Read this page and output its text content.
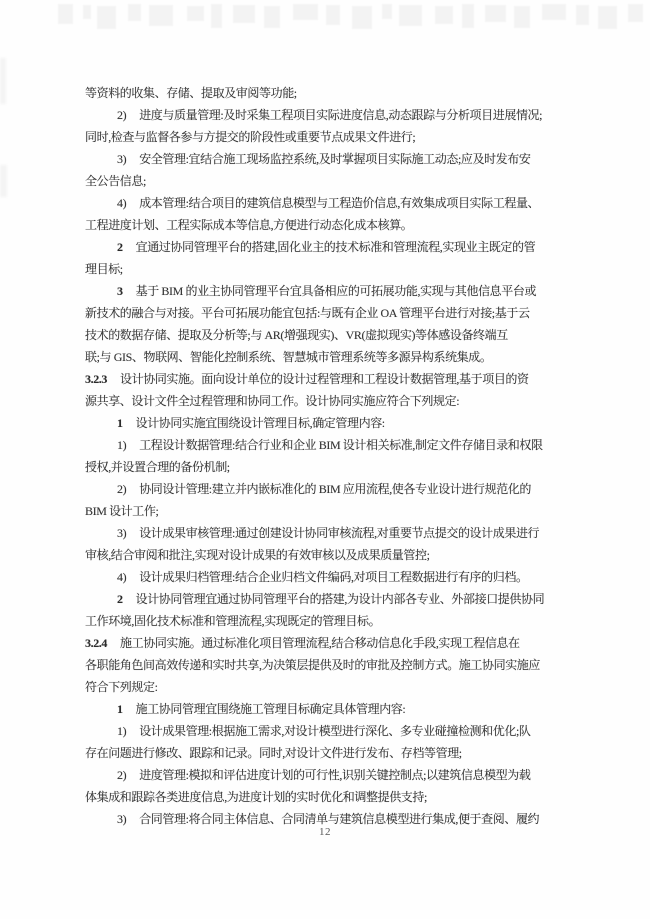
等资料的收集、存储、提取及审阅等功能;
2) 进度与质量管理:及时采集工程项目实际进度信息,动态跟踪与分析项目进展情况;
同时,检查与监督各参与方提交的阶段性或重要节点成果文件进行;
3) 安全管理:宜结合施工现场监控系统,及时掌握项目实际施工动态;应及时发布安
全公告信息;
4) 成本管理:结合项目的建筑信息模型与工程造价信息,有效集成项目实际工程量、
工程进度计划、工程实际成本等信息,方便进行动态化成本核算。
2 宜通过协同管理平台的搭建,固化业主的技术标准和管理流程,实现业主既定的管
理目标;
3 基于 BIM 的业主协同管理平台宜具备相应的可拓展功能,实现与其他信息平台或
新技术的融合与对接。平台可拓展功能宜包括:与既有企业 OA 管理平台进行对接;基于云
技术的数据存储、提取及分析等;与 AR(增强现实)、VR(虚拟现实)等体感设备终端互
联;与 GIS、物联网、智能化控制系统、智慧城市管理系统等多源异构系统集成。
3.2.3 设计协同实施。面向设计单位的设计过程管理和工程设计数据管理,基于项目的资
源共享、设计文件全过程管理和协同工作。设计协同实施应符合下列规定:
1 设计协同实施宜围绕设计管理目标,确定管理内容:
1) 工程设计数据管理:结合行业和企业 BIM 设计相关标准,制定文件存储目录和权限
授权,并设置合理的备份机制;
2) 协同设计管理:建立并内嵌标准化的 BIM 应用流程,使各专业设计进行规范化的
BIM 设计工作;
3) 设计成果审核管理:通过创建设计协同审核流程,对重要节点提交的设计成果进行
审核,结合审阅和批注,实现对设计成果的有效审核以及成果质量管控;
4) 设计成果归档管理:结合企业归档文件编码,对项目工程数据进行有序的归档。
2 设计协同管理宜通过协同管理平台的搭建,为设计内部各专业、外部接口提供协同
工作环境,固化技术标准和管理流程,实现既定的管理目标。
3.2.4 施工协同实施。通过标准化项目管理流程,结合移动信息化手段,实现工程信息在
各职能角色间高效传递和实时共享,为决策层提供及时的审批及控制方式。施工协同实施应
符合下列规定:
1 施工协同管理宜围绕施工管理目标确定具体管理内容:
1) 设计成果管理:根据施工需求,对设计模型进行深化、多专业碰撞检测和优化;队
存在问题进行修改、跟踪和记录。同时,对设计文件进行发布、存档等管理;
2) 进度管理:模拟和评估进度计划的可行性,识别关键控制点;以建筑信息模型为载
体集成和跟踪各类进度信息,为进度计划的实时优化和调整提供支持;
3) 合同管理:将合同主体信息、合同清单与建筑信息模型进行集成,便于查阅、履约
12
